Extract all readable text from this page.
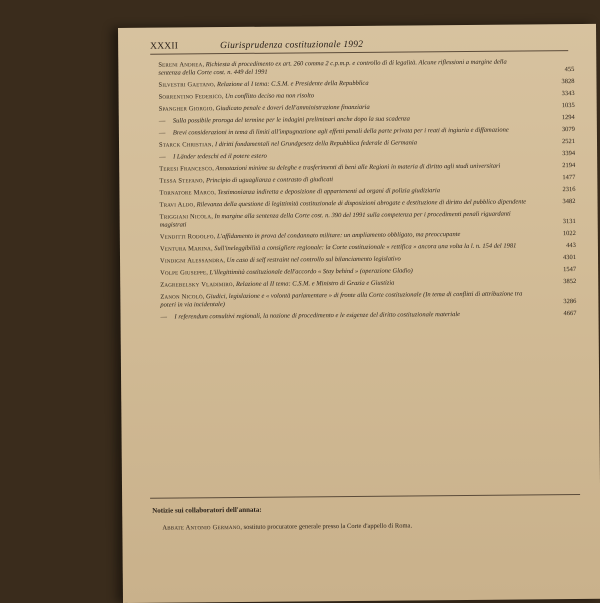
XXXII	Giurisprudenza costituzionale 1992
Sereni Andrea, Richiesta di procedimento ex art. 260 comma 2 c.p.m.p. e controllo di di legalità. Alcune riflessioni a margine della sentenza della Corte cost. n. 449 del 1991	455
Silvestri Gaetano, Relazione al I tema: C.S.M. e Presidente della Repubblica	3828
Sorrentino Federico, Un conflitto deciso ma non risolto	3343
Spangher Giorgio, Giudicato penale e doveri dell'amministrazione finanziaria	1035
— Sulla possibile proroga del termine per le indagini preliminari anche dopo la sua scadenza	1294
— Brevi considerazioni in tema di limiti all'impugnazione agli effetti penali della parte privata per i reati di ingiuria e diffamazione	3079
Starck Christian, I diritti fondamentali nel Grundgesetz della Repubblica federale di Germania	2521
— I Länder tedeschi ed il potere estero	3394
Teresi Francesco, Annotazioni minime su deleghe e trasferimenti di beni alle Regioni in materia di diritto agli studi universitari	2194
Tessa Stefano, Principio di uguaglianza e contrasto di giudicati	1477
Tornatore Marco, Testimonianza indiretta e deposizione di appartenenti ad organi di polizia giudiziaria	2316
Travi Aldo, Rilevanza della questione di legittimità costituzionale di disposizioni abrogate e destituzione di diritto del pubblico dipendente	3482
Triggiani Nicola, In margine alla sentenza della Corte cost. n. 390 del 1991 sulla competenza per i procedimenti penali riguardanti magistrati	3131
Venditti Rodolfo, L'affidamento in prova del condannato militare: un ampliamento obbligato, ma preoccupante	1022
Ventura Marina, Sull'ineleggibilità a consigliere regionale: la Corte costituzionale « rettifica » ancora una volta la l. n. 154 del 1981	443
Vindigni Alessandra, Un caso di self restraint nel controllo sul bilanciamento legislativo	4301
Volpe Giuseppe, L'illegittimità costituzionale dell'accordo « Stay behind » (operazione Gladio)	1547
Zagrebelsky Vladimiro, Relazione al II tema: C.S.M. e Ministro di Grazia e Giustizia	3852
Zanon Nicolò, Giudici, legislazione e « volontà parlamentare » di fronte alla Corte costituzionale (In tema di conflitti di attribuzione tra poteri in via incidentale)	3286
— I referendum consultivi regionali, la nozione di procedimento e le esigenze del diritto costituzionale materiale	4667
Notizie sui collaboratori dell'annata:
Abbate Antonio Germano, sostituto procuratore generale presso la Corte d'appello di Roma.
